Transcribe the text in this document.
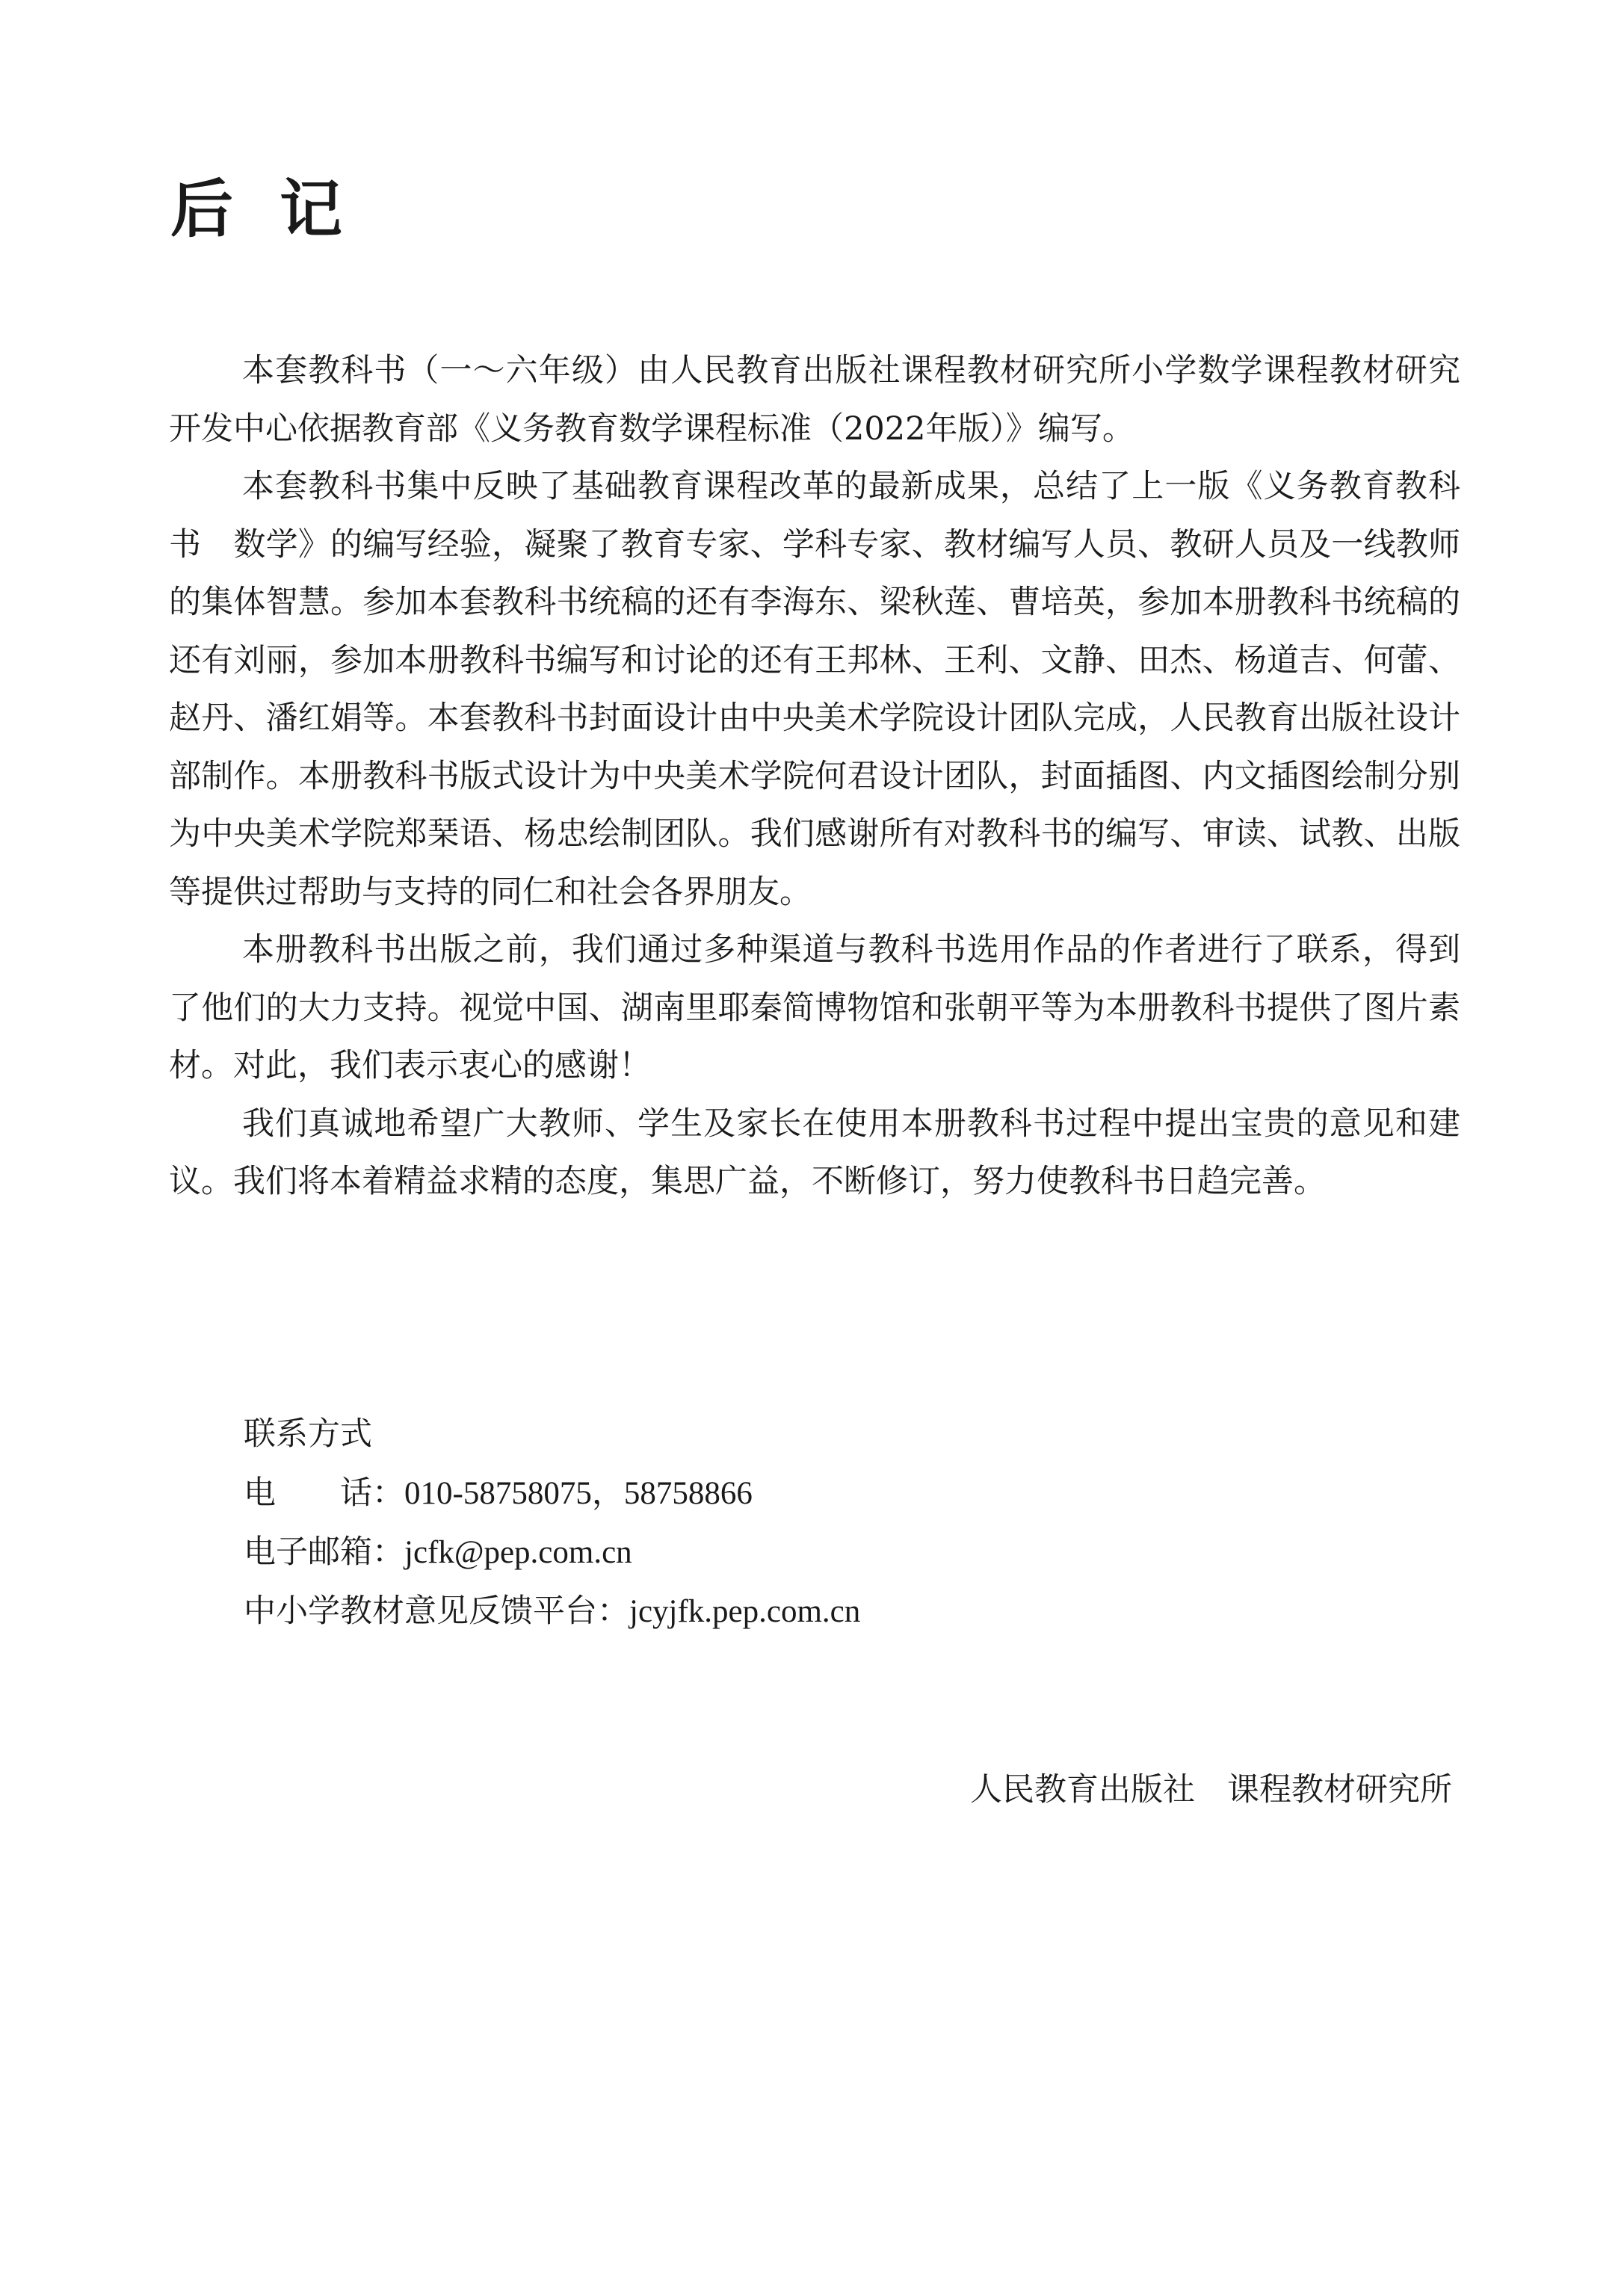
后 记

本套教科书（一～六年级）由人民教育出版社课程教材研究所小学数学课程教材研究开发中心依据教育部《义务教育数学课程标准（2022年版）》编写。

本套教科书集中反映了基础教育课程改革的最新成果，总结了上一版《义务教育教科书　数学》的编写经验，凝聚了教育专家、学科专家、教材编写人员、教研人员及一线教师的集体智慧。参加本套教科书统稿的还有李海东、梁秋莲、曹培英，参加本册教科书统稿的还有刘丽，参加本册教科书编写和讨论的还有王邦林、王利、文静、田杰、杨道吉、何蕾、赵丹、潘红娟等。本套教科书封面设计由中央美术学院设计团队完成，人民教育出版社设计部制作。本册教科书版式设计为中央美术学院何君设计团队，封面插图、内文插图绘制分别为中央美术学院郑琹语、杨忠绘制团队。我们感谢所有对教科书的编写、审读、试教、出版等提供过帮助与支持的同仁和社会各界朋友。

本册教科书出版之前，我们通过多种渠道与教科书选用作品的作者进行了联系，得到了他们的大力支持。视觉中国、湖南里耶秦简博物馆和张朝平等为本册教科书提供了图片素材。对此，我们表示衷心的感谢！

我们真诚地希望广大教师、学生及家长在使用本册教科书过程中提出宝贵的意见和建议。我们将本着精益求精的态度，集思广益，不断修订，努力使教科书日趋完善。

联系方式
电　　话：010-58758075，58758866
电子邮箱：jcfk@pep.com.cn
中小学教材意见反馈平台：jcyjfk.pep.com.cn
人民教育出版社　课程教材研究所
